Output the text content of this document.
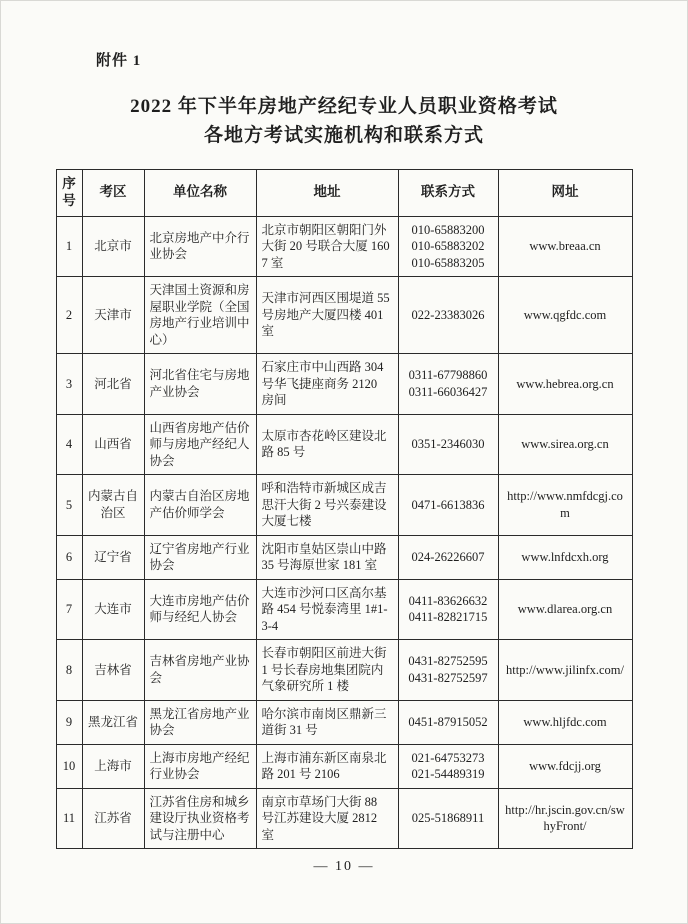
附件 1
2022 年下半年房地产经纪专业人员职业资格考试
各地方考试实施机构和联系方式
序号	考区	单位名称	地址	联系方式	网址
1	北京市	北京房地产中介行业协会	北京市朝阳区朝阳门外大街 20 号联合大厦 1607 室	010-65883200
010-65883202
010-65883205	www.breaa.cn
2	天津市	天津国土资源和房屋职业学院（全国房地产行业培训中心）	天津市河西区围堤道 55 号房地产大厦四楼 401 室	022-23383026	www.qgfdc.com
3	河北省	河北省住宅与房地产业协会	石家庄市中山西路 304 号华飞捷座商务 2120 房间	0311-67798860
0311-66036427	www.hebrea.org.cn
4	山西省	山西省房地产估价师与房地产经纪人协会	太原市杏花岭区建设北路 85 号	0351-2346030	www.sirea.org.cn
5	内蒙古自治区	内蒙古自治区房地产估价师学会	呼和浩特市新城区成吉思汗大街 2 号兴泰建设大厦七楼	0471-6613836	http://www.nmfdcgj.com
6	辽宁省	辽宁省房地产行业协会	沈阳市皇姑区崇山中路 35 号海原世家 181 室	024-26226607	www.lnfdcxh.org
7	大连市	大连市房地产估价师与经纪人协会	大连市沙河口区高尔基路 454 号悦泰湾里 1#1-3-4	0411-83626632
0411-82821715	www.dlarea.org.cn
8	吉林省	吉林省房地产业协会	长春市朝阳区前进大街 1 号长春房地集团院内气象研究所 1 楼	0431-82752595
0431-82752597	http://www.jilinfx.com/
9	黑龙江省	黑龙江省房地产业协会	哈尔滨市南岗区鼎新三道街 31 号	0451-87915052	www.hljfdc.com
10	上海市	上海市房地产经纪行业协会	上海市浦东新区南泉北路 201 号 2106	021-64753273
021-54489319	www.fdcjj.org
11	江苏省	江苏省住房和城乡建设厅执业资格考试与注册中心	南京市草场门大街 88 号江苏建设大厦 2812 室	025-51868911	http://hr.jscin.gov.cn/swhyFront/
— 10 —
